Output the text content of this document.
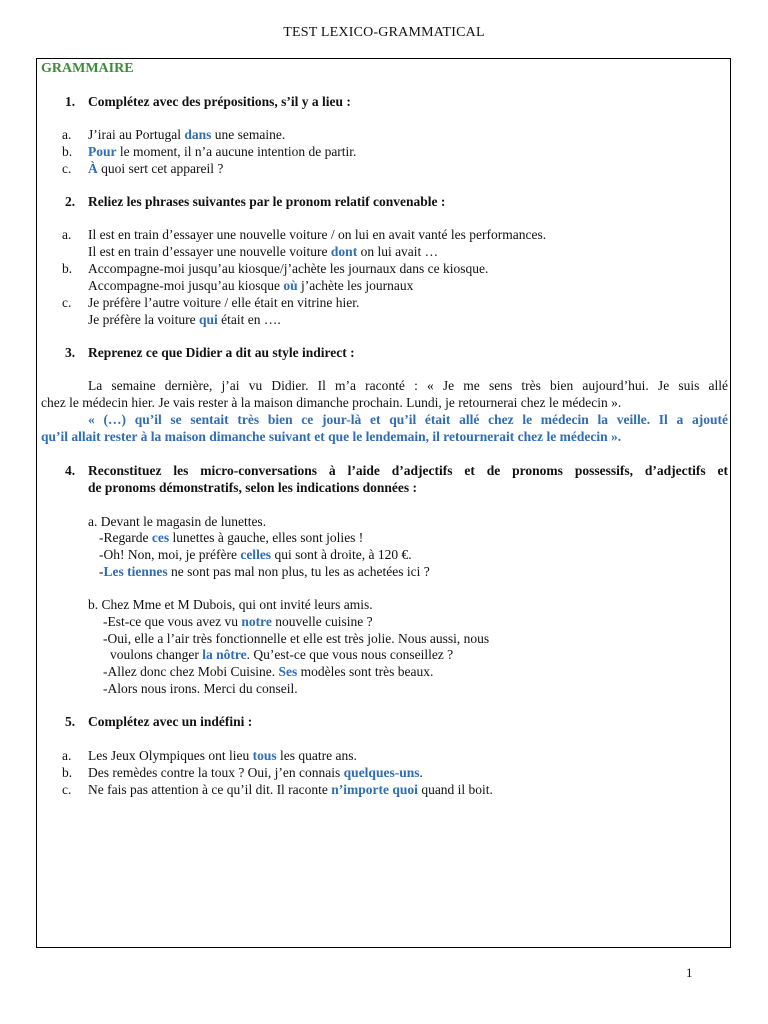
TEST LEXICO-GRAMMATICAL
GRAMMAIRE
1. Complétez avec des prépositions, s’il y a lieu :
a. J’irai au Portugal dans une semaine.
b. Pour le moment, il n’a aucune intention de partir.
c. À quoi sert cet appareil ?
2. Reliez les phrases suivantes par le pronom relatif convenable :
a. Il est en train d’essayer une nouvelle voiture / on lui en avait vanté les performances.
Il est en train d’essayer une nouvelle voiture dont on lui avait …
b. Accompagne-moi jusqu’au kiosque/j’achète les journaux dans ce kiosque.
Accompagne-moi jusqu’au kiosque où j’achète les journaux
c. Je préfère l’autre voiture / elle était en vitrine hier.
Je préfère la voiture qui était en ….
3. Reprenez ce que Didier a dit au style indirect :
La semaine dernière, j’ai vu Didier. Il m’a raconté : « Je me sens très bien aujourd’hui. Je suis allé
chez le médecin hier. Je vais rester à la maison dimanche prochain. Lundi, je retournerai chez le médecin ».
« (…) qu’il se sentait très bien ce jour-là et qu’il était allé chez le médecin la veille. Il a ajouté
qu’il allait rester à la maison dimanche suivant et que le lendemain, il retournerait chez le médecin ».
4. Reconstituez les micro-conversations à l’aide d’adjectifs et de pronoms possessifs, d’adjectifs et
de pronoms démonstratifs, selon les indications données :
a. Devant le magasin de lunettes.
-Regarde ces lunettes à gauche, elles sont jolies !
-Oh! Non, moi, je préfère celles qui sont à droite, à 120 €.
-Les tiennes ne sont pas mal non plus, tu les as achetées ici ?
b. Chez Mme et M Dubois, qui ont invité leurs amis.
-Est-ce que vous avez vu notre nouvelle cuisine ?
-Oui, elle a l’air très fonctionnelle et elle est très jolie. Nous aussi, nous
voulons changer la nôtre. Qu’est-ce que vous nous conseillez ?
-Allez donc chez Mobi Cuisine. Ses modèles sont très beaux.
-Alors nous irons. Merci du conseil.
5. Complétez avec un indéfini :
a. Les Jeux Olympiques ont lieu tous les quatre ans.
b. Des remèdes contre la toux ? Oui, j’en connais quelques-uns.
c. Ne fais pas attention à ce qu’il dit. Il raconte n’importe quoi quand il boit.
1
